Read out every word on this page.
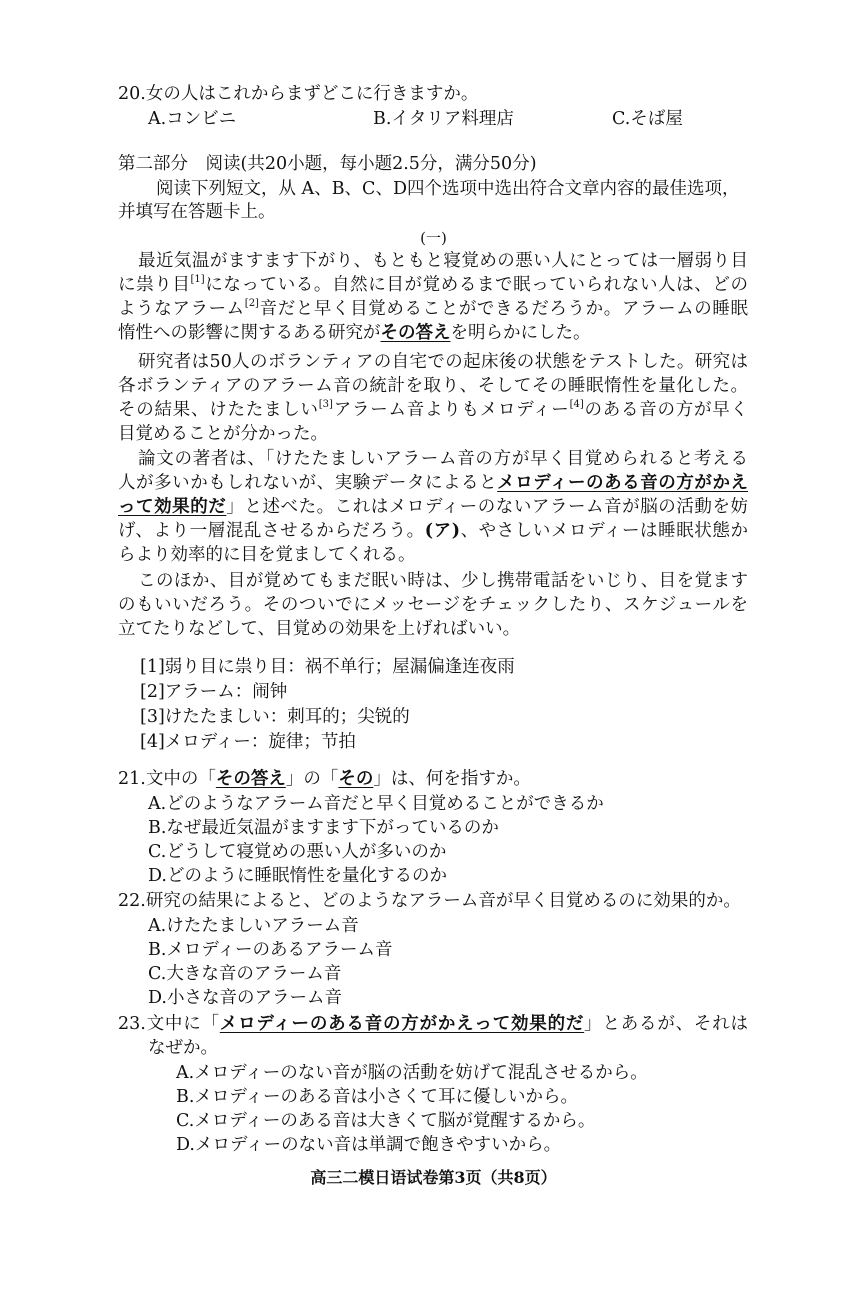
20.女の人はこれからまずどこに行きますか。
A.コンビニ	B.イタリア料理店	C.そば屋
第二部分　阅读(共20小题，每小题2.5分，满分50分)
阅读下列短文，从 A、B、C、D四个选项中选出符合文章内容的最佳选项，
并填写在答题卡上。
(一)
最近気温がますます下がり、もともと寝覚めの悪い人にとっては一層弱り目
に祟り目[1]になっている。自然に目が覚めるまで眠っていられない人は、どの
ようなアラーム[2]音だと早く目覚めることができるだろうか。アラームの睡眠
惰性への影響に関するある研究がその答えを明らかにした。
研究者は50人のボランティアの自宅での起床後の状態をテストした。研究は
各ボランティアのアラーム音の統計を取り、そしてその睡眠惰性を量化した。
その結果、けたたましい[3]アラーム音よりもメロディー[4]のある音の方が早く
目覚めることが分かった。
論文の著者は、「けたたましいアラーム音の方が早く目覚められると考える
人が多いかもしれないが、実験データによるとメロディーのある音の方がかえ
って効果的だ」と述べた。これはメロディーのないアラーム音が脳の活動を妨
げ、より一層混乱させるからだろう。(ア)、やさしいメロディーは睡眠状態か
らより効率的に目を覚ましてくれる。
このほか、目が覚めてもまだ眠い時は、少し携帯電話をいじり、目を覚ます
のもいいだろう。そのついでにメッセージをチェックしたり、スケジュールを
立てたりなどして、目覚めの効果を上げればいい。
[1]弱り目に祟り目：祸不单行；屋漏偏逢连夜雨
[2]アラーム：闹钟
[3]けたたましい：刺耳的；尖锐的
[4]メロディー：旋律；节拍
21.文中の「その答え」の「その」は、何を指すか。
A.どのようなアラーム音だと早く目覚めることができるか
B.なぜ最近気温がますます下がっているのか
C.どうして寝覚めの悪い人が多いのか
D.どのように睡眠惰性を量化するのか
22.研究の結果によると、どのようなアラーム音が早く目覚めるのに効果的か。
A.けたたましいアラーム音
B.メロディーのあるアラーム音
C.大きな音のアラーム音
D.小さな音のアラーム音
23.文中に「メロディーのある音の方がかえって効果的だ」とあるが、それは
なぜか。
A.メロディーのない音が脳の活動を妨げて混乱させるから。
B.メロディーのある音は小さくて耳に優しいから。
C.メロディーのある音は大きくて脳が覚醒するから。
D.メロディーのない音は単調で飽きやすいから。
高三二模日语试卷第3页（共8页）
